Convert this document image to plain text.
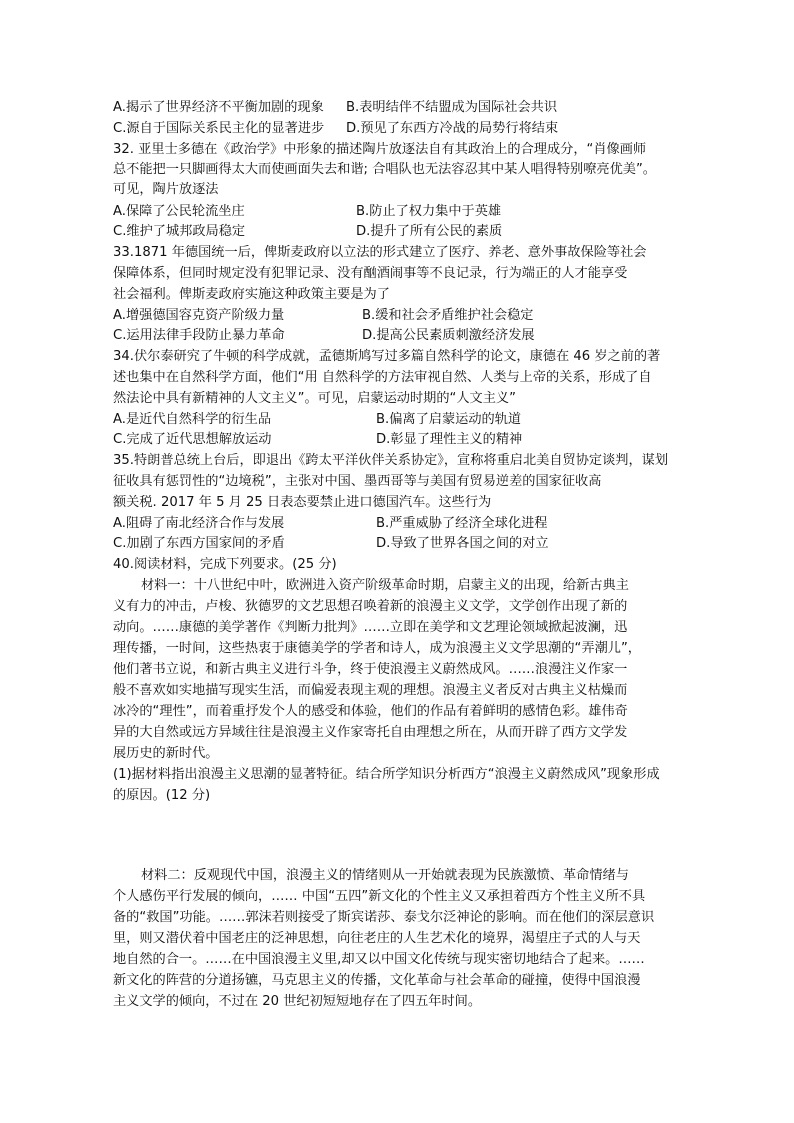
A.揭示了世界经济不平衡加剧的现象	B.表明结伴不结盟成为国际社会共识
C.源自于国际关系民主化的显著进步	D.预见了东西方冷战的局势行将结束
32. 亚里士多德在《政治学》中形象的描述陶片放逐法自有其政治上的合理成分，“肖像画师
总不能把一只脚画得太大而使画面失去和谐; 合唱队也无法容忍其中某人唱得特别嘹亮优美”。
可见，陶片放逐法
A.保障了公民轮流坐庄	B.防止了权力集中于英雄
C.维护了城邦政局稳定	D.提升了所有公民的素质
33.1871 年德国统一后，俾斯麦政府以立法的形式建立了医疗、养老、意外事故保险等社会
保障体系，但同时规定没有犯罪记录、没有酗酒闹事等不良记录，行为端正的人才能享受
社会福利。俾斯麦政府实施这种政策主要是为了
A.增强德国容克资产阶级力量	B.缓和社会矛盾维护社会稳定
C.运用法律手段防止暴力革命	D.提高公民素质刺激经济发展
34.伏尔泰研究了牛顿的科学成就，孟德斯鸠写过多篇自然科学的论文，康德在 46 岁之前的著
述也集中在自然科学方面，他们“用 自然科学的方法审视自然、人类与上帝的关系，形成了自
然法论中具有新精神的人文主义”。可见，启蒙运动时期的“人文主义”
A.是近代自然科学的衍生品	B.偏离了启蒙运动的轨道
C.完成了近代思想解放运动	D.彰显了理性主义的精神
35.特朗普总统上台后，即退出《跨太平洋伙伴关系协定》，宣称将重启北美自贸协定谈判，谋划
征收具有惩罚性的“边境税”，主张对中国、墨西哥等与美国有贸易逆差的国家征收高
额关税. 2017 年 5 月 25 日表态要禁止进口德国汽车。这些行为
A.阻碍了南北经济合作与发展	B.严重威胁了经济全球化进程
C.加剧了东西方国家间的矛盾	D.导致了世界各国之间的对立
40.阅读材料，完成下列要求。(25 分)
材料一：十八世纪中叶，欧洲进入资产阶级革命时期，启蒙主义的出现，给新古典主
义有力的冲击，卢梭、狄德罗的文艺思想召唤着新的浪漫主义文学，文学创作出现了新的
动向。……康德的美学著作《判断力批判》……立即在美学和文艺理论领域掀起波澜，迅
理传播，一时间，这些热衷于康德美学的学者和诗人，成为浪漫主义文学思潮的“弄潮儿”，
他们著书立说，和新古典主义进行斗争，终于使浪漫主义蔚然成风。……浪漫注义作家一
般不喜欢如实地描写现实生活，而偏爱表现主观的理想。浪漫主义者反对古典主义枯燥而
冰冷的“理性”，而着重抒发个人的感受和体验，他们的作品有着鲜明的感情色彩。雄伟奇
异的大自然或远方异域往往是浪漫主义作家寄托自由理想之所在，从而开辟了西方文学发
展历史的新时代。
(1)据材料指出浪漫主义思潮的显著特征。结合所学知识分析西方“浪漫主义蔚然成风”现象形成
的原因。(12 分)
材料二：反观现代中国，浪漫主义的情绪则从一开始就表现为民族激愤、革命情绪与
个人感伤平行发展的倾向，…… 中国“五四”新文化的个性主义又承担着西方个性主义所不具
备的“救国”功能。……郭沫若则接受了斯宾诺莎、泰戈尔泛神论的影响。而在他们的深层意识
里，则又潜伏着中国老庄的泛神思想，向往老庄的人生艺术化的境界，渴望庄子式的人与天
地自然的合一。……在中国浪漫主义里,却又以中国文化传统与现实密切地结合了起来。……
新文化的阵营的分道扬镳，马克思主义的传播，文化革命与社会革命的碰撞，使得中国浪漫
主义文学的倾向，不过在 20 世纪初短短地存在了四五年时间。
